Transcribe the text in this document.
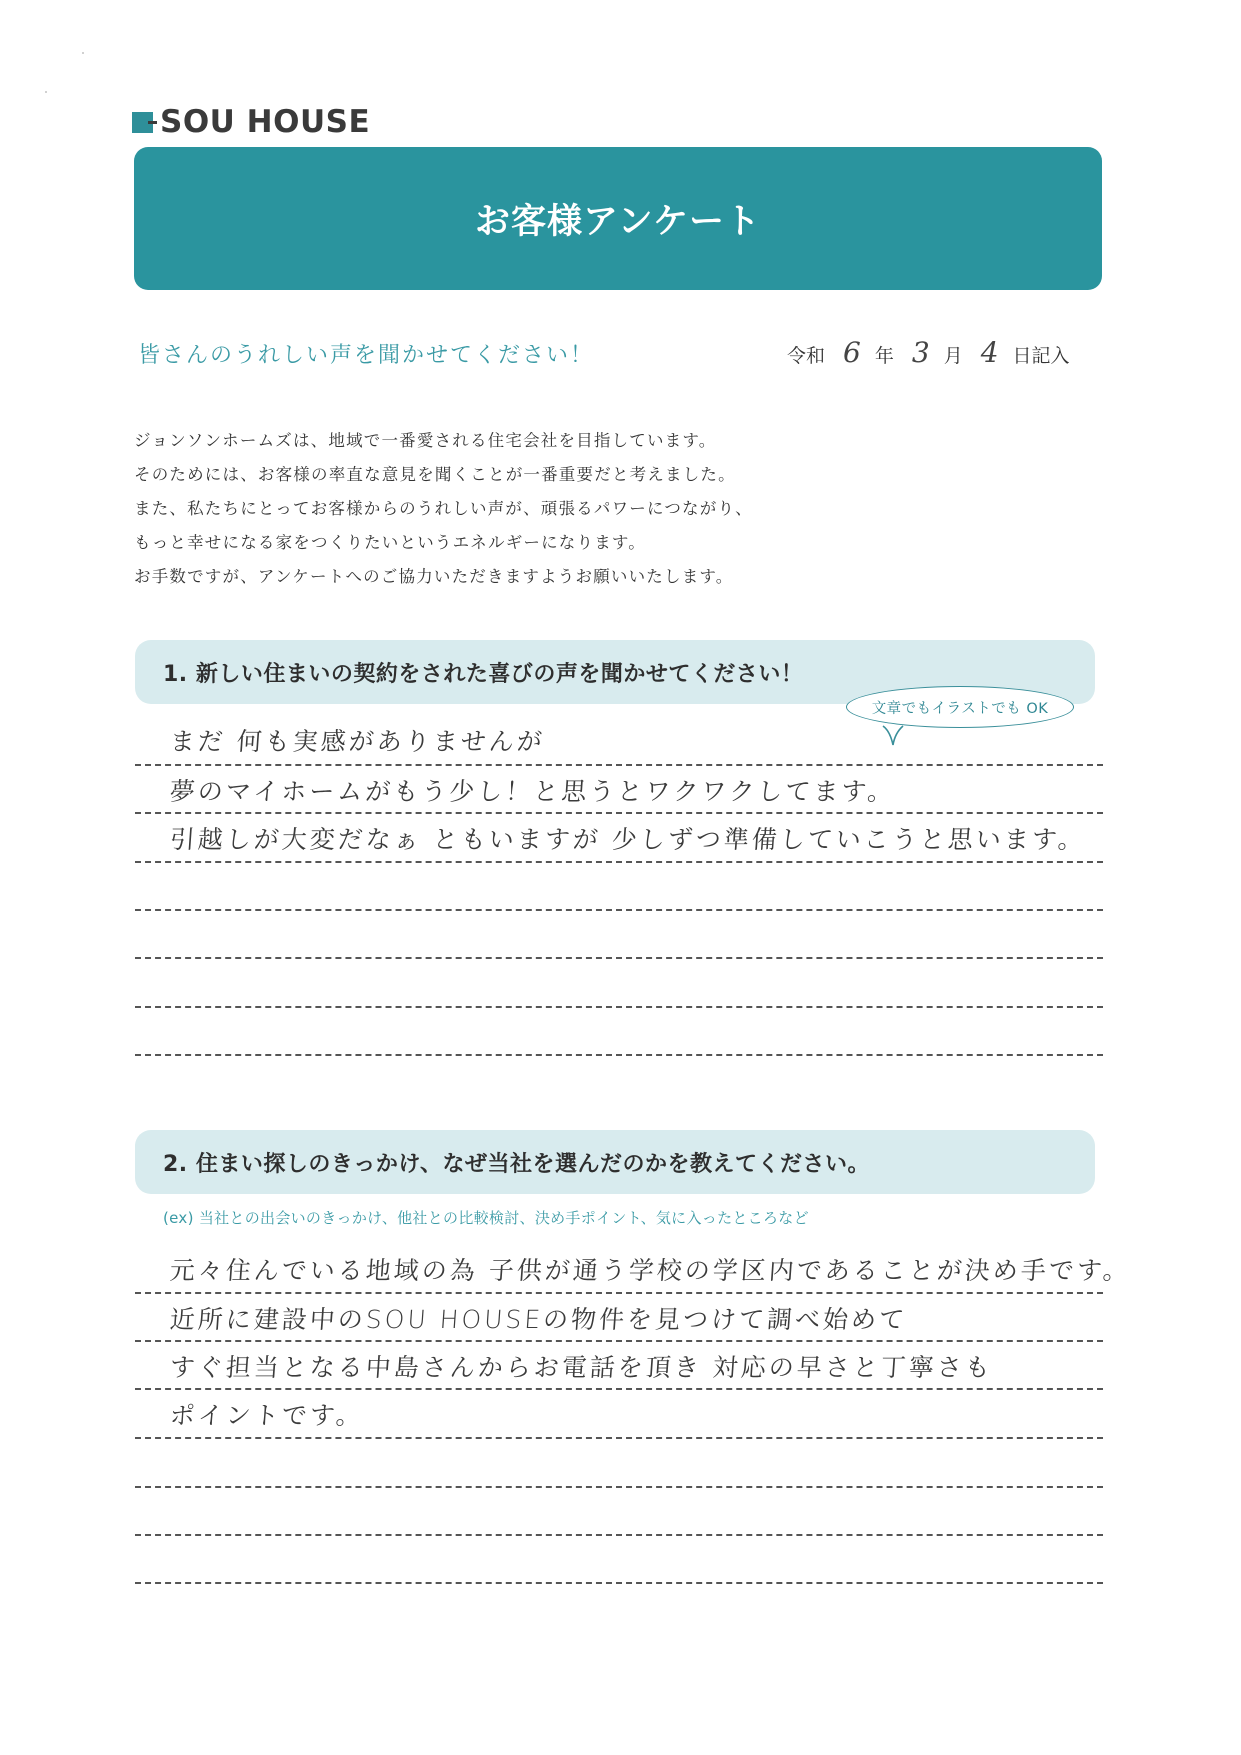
SOU HOUSE
お客様アンケート
皆さんのうれしい声を聞かせてください！	令和 6 年 3 月 4 日記入

ジョンソンホームズは、地域で一番愛される住宅会社を目指しています。

そのためには、お客様の率直な意見を聞くことが一番重要だと考えました。

また、私たちにとってお客様からのうれしい声が、頑張るパワーにつながり、

もっと幸せになる家をつくりたいというエネルギーになります。

お手数ですが、アンケートへのご協力いただきますようお願いいたします。

1. 新しい住まいの契約をされた喜びの声を聞かせてください！
文章でもイラストでも OK
まだ 何も実感がありませんが
夢のマイホームがもう少し！と思うとワクワクしてます。
引越しが大変だなぁ ともいますが 少しずつ準備していこうと思います。
2. 住まい探しのきっかけ、なぜ当社を選んだのかを教えてください。
(ex) 当社との出会いのきっかけ、他社との比較検討、決め手ポイント、気に入ったところなど
元々住んでいる地域の為 子供が通う学校の学区内であることが決め手です。
近所に建設中のSOU HOUSEの物件を見つけて調べ始めて
すぐ担当となる中島さんからお電話を頂き 対応の早さと丁寧さも
ポイントです。
